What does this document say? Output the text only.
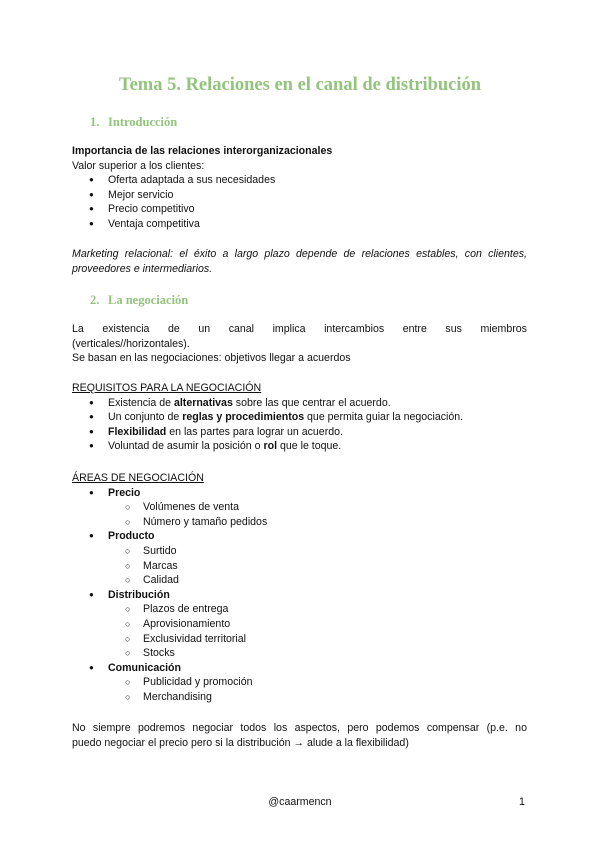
Tema 5. Relaciones en el canal de distribución
1. Introducción
Importancia de las relaciones interorganizacionales
Valor superior a los clientes:
● Oferta adaptada a sus necesidades
● Mejor servicio
● Precio competitivo
● Ventaja competitiva
Marketing relacional: el éxito a largo plazo depende de relaciones estables, con clientes,
proveedores e intermediarios.
2. La negociación
La existencia de un canal implica intercambios entre sus miembros
(verticales//horizontales).
Se basan en las negociaciones: objetivos llegar a acuerdos
REQUISITOS PARA LA NEGOCIACIÓN
● Existencia de alternativas sobre las que centrar el acuerdo.
● Un conjunto de reglas y procedimientos que permita guiar la negociación.
● Flexibilidad en las partes para lograr un acuerdo.
● Voluntad de asumir la posición o rol que le toque.
ÁREAS DE NEGOCIACIÓN
● Precio
○ Volúmenes de venta
○ Número y tamaño pedidos
● Producto
○ Surtido
○ Marcas
○ Calidad
● Distribución
○ Plazos de entrega
○ Aprovisionamiento
○ Exclusividad territorial
○ Stocks
● Comunicación
○ Publicidad y promoción
○ Merchandising
No siempre podremos negociar todos los aspectos, pero podemos compensar (p.e. no
puedo negociar el precio pero si la distribución → alude a la flexibilidad)
@caarmencn	1
